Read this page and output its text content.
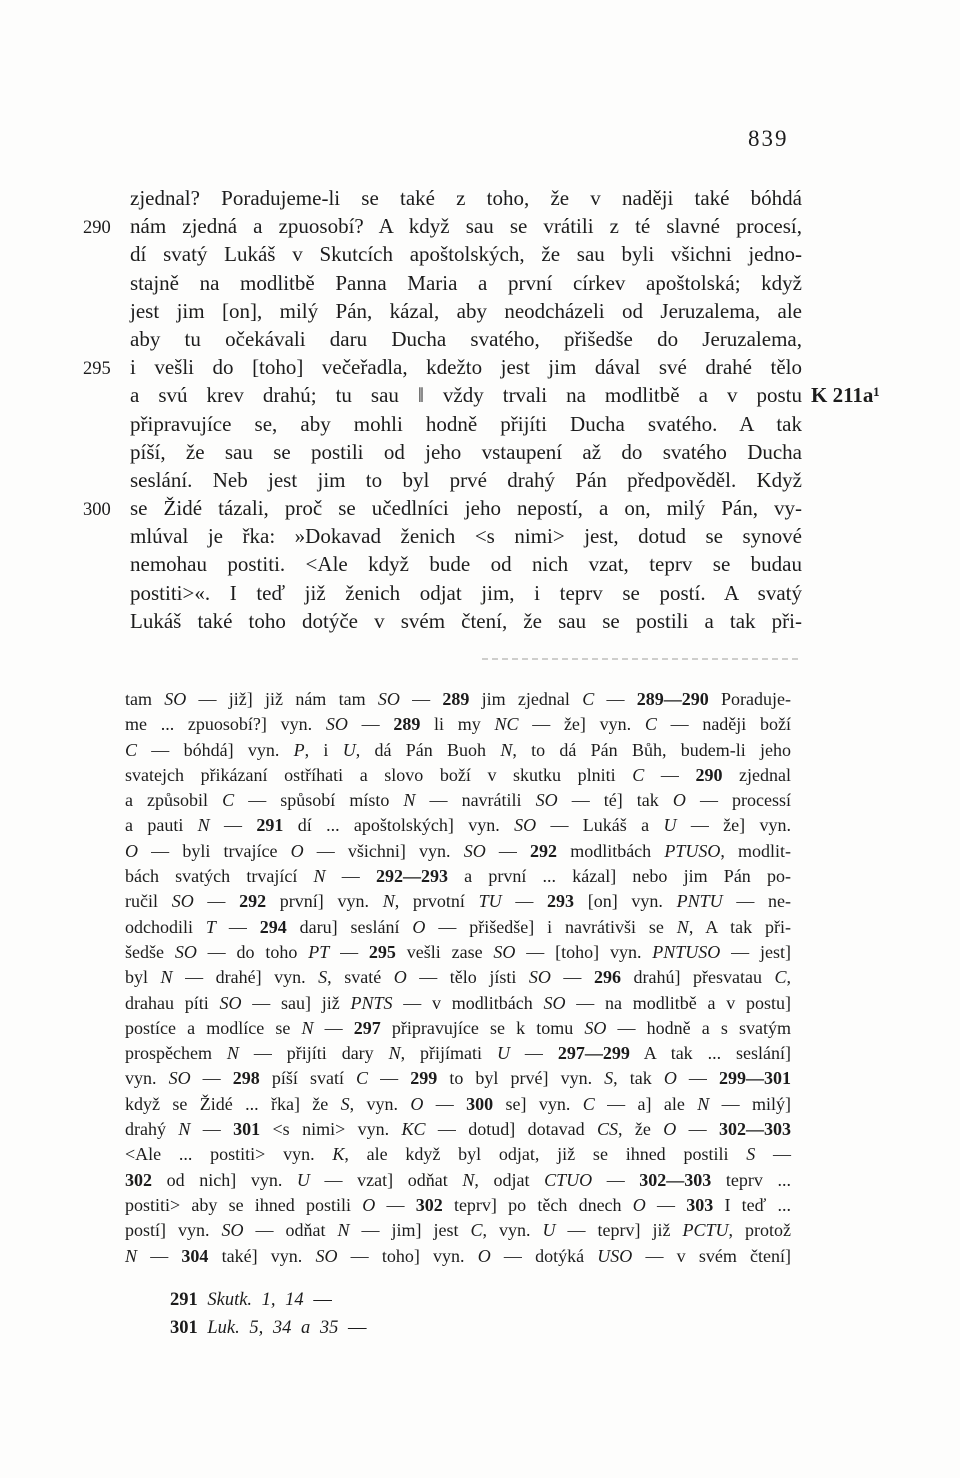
839
zjednal? Poradujeme-li se také z toho, že v naději také bóhdá
290 nám zjedná a zpuosobí? A když sau se vrátili z té slavné procesí,
dí svatý Lukáš v Skutcích apoštolských, že sau byli všichni jedno-
stajně na modlitbě Panna Maria a první církev apoštolská; když
jest jim [on], milý Pán, kázal, aby neodcházeli od Jeruzalema, ale
aby tu očekávali daru Ducha svatého, přišedše do Jeruzalema,
295 i vešli do [toho] večeřadla, kdežto jest jim dával své drahé tělo
a svú krev drahú; tu sau ‖ vždy trvali na modlitbě a v postu K 211a¹
připravujíce se, aby mohli hodně přijíti Ducha svatého. A tak
píší, že sau se postili od jeho vstaupení až do svatého Ducha
seslání. Neb jest jim to byl prvé drahý Pán předpověděl. Když
300 se Židé tázali, proč se učedlníci jeho nepostí, a on, milý Pán, vy-
mlúval je řka: »Dokavad ženich <s nimi> jest, dotud se synové
nemohau postiti. <Ale když bude od nich vzat, teprv se budau
postiti>«. I teď již ženich odjat jim, i teprv se postí. A svatý
Lukáš také toho dotýče v svém čtení, že sau se postili a tak při-
tam SO — již] již nám tam SO — 289 jim zjednal C — 289—290 Poraduje-
me ... zpuosobí?] vyn. SO — 289 li my NC — že] vyn. C — naději boží
C — bóhdá] vyn. P, i U, dá Pán Buoh N, to dá Pán Bůh, budem-li jeho
svatejch přikázaní ostříhati a slovo boží v skutku plniti C — 290 zjednal
a způsobil C — spůsobí místo N — navrátili SO — té] tak O — processí
a pauti N — 291 dí ... apoštolských] vyn. SO — Lukáš a U — že] vyn.
O — byli trvajíce O — všichni] vyn. SO — 292 modlitbách PTUSO, modlit-
bách svatých trvající N — 292—293 a první ... kázal] nebo jim Pán po-
ručil SO — 292 první] vyn. N, prvotní TU — 293 [on] vyn. PNTU — ne-
odchodili T — 294 daru] seslání O — přišedše] i navrátivši se N, A tak při-
šedše SO — do toho PT — 295 vešli zase SO — [toho] vyn. PNTUSO — jest]
byl N — drahé] vyn. S, svaté O — tělo jísti SO — 296 drahú] přesvatau C,
drahau píti SO — sau] již PNTS — v modlitbách SO — na modlitbě a v postu]
postíce a modlíce se N — 297 připravujíce se k tomu SO — hodně a s svatým
prospěchem N — přijíti dary N, přijímati U — 297—299 A tak ... seslání]
vyn. SO — 298 píší svatí C — 299 to byl prvé] vyn. S, tak O — 299—301
když se Židé ... řka] že S, vyn. O — 300 se] vyn. C — a] ale N — milý]
drahý N — 301 <s nimi> vyn. KC — dotud] dotavad CS, že O — 302—303
<Ale ... postiti> vyn. K, ale když byl odjat, již se ihned postili S —
302 od nich] vyn. U — vzat] odňat N, odjat CTUO — 302—303 teprv ...
postiti> aby se ihned postili O — 302 teprv] po těch dnech O — 303 I teď ...
postí] vyn. SO — odňat N — jim] jest C, vyn. U — teprv] již PCTU, protož
N — 304 také] vyn. SO — toho] vyn. O — dotýká USO — v svém čtení]
291 Skutk. 1, 14 —
301 Luk. 5, 34 a 35 —
